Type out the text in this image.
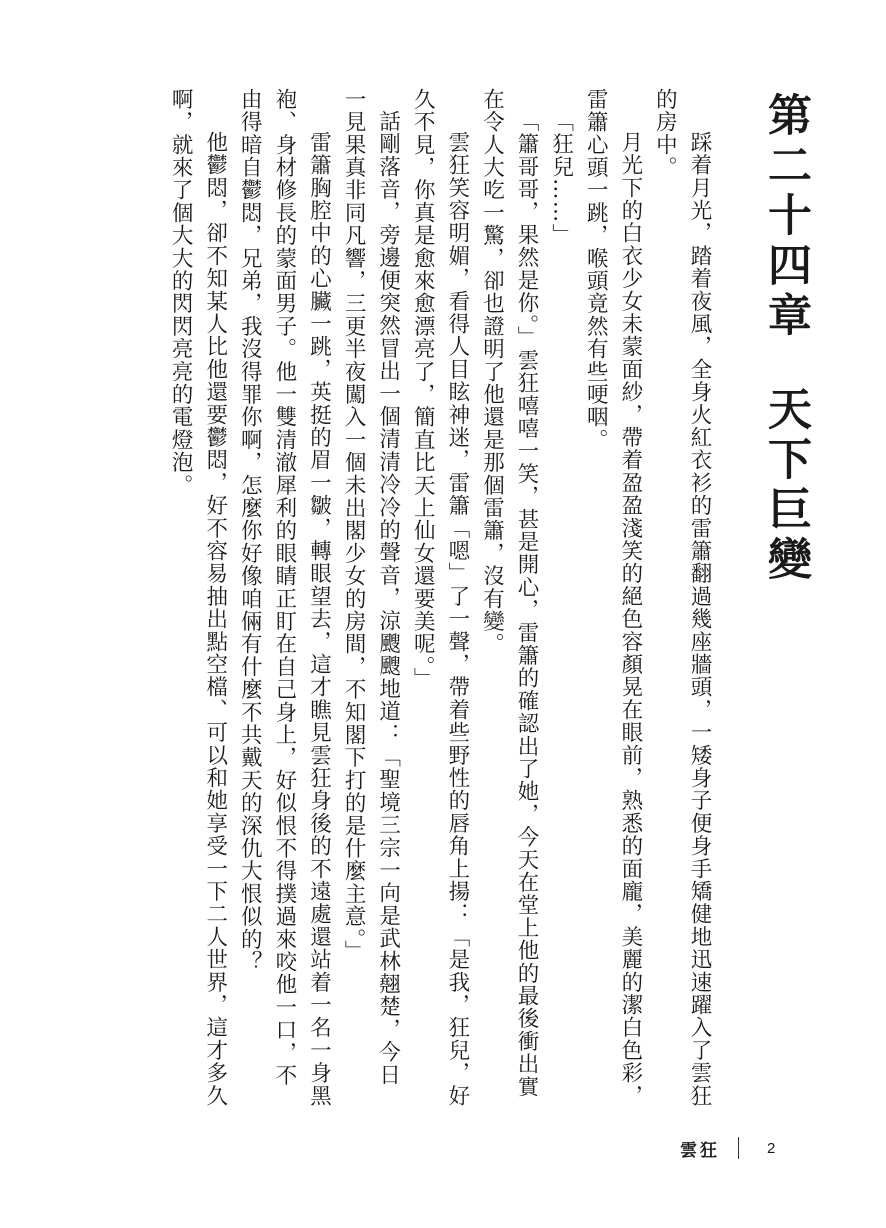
第二十四章天下巨變

踩着月光，踏着夜風，全身火紅衣衫的雷簫翻過幾座牆頭，一矮身子便身手矯健地迅速躍入了雲狂的房中。

月光下的白衣少女未蒙面紗，帶着盈盈淺笑的絕色容顏晃在眼前，熟悉的面龐，美麗的潔白色彩，雷簫心頭一跳，喉頭竟然有些哽咽。

「狂兒……」

「簫哥哥，果然是你。」雲狂嘻嘻一笑，甚是開心，雷簫的確認出了她，今天在堂上他的最後衝出實在令人大吃一驚，卻也證明了他還是那個雷簫，沒有變。

雲狂笑容明媚，看得人目眩神迷，雷簫「嗯」了一聲，帶着些野性的唇角上揚：「是我，狂兒，好久不見，你真是愈來愈漂亮了，簡直比天上仙女還要美呢。」

話剛落音，旁邊便突然冒出一個清清冷冷的聲音，涼颼颼地道：「聖境三宗一向是武林翹楚，今日一見果真非同凡響，三更半夜闖入一個未出閣少女的房間，不知閣下打的是什麼主意。」

雷簫胸腔中的心臟一跳，英挺的眉一皺，轉眼望去，這才瞧見雲狂身後的不遠處還站着一名一身黑袍、身材修長的蒙面男子。他一雙清澈犀利的眼睛正盯在自己身上，好似恨不得撲過來咬他一口，不由得暗自鬱悶，兄弟，我沒得罪你啊，怎麼你好像咱倆有什麼不共戴天的深仇大恨似的？

他鬱悶，卻不知某人比他還要鬱悶，好不容易抽出點空檔、可以和她享受一下二人世界，這才多久啊，就來了個大大的閃閃亮亮的電燈泡。

雲狂	2
